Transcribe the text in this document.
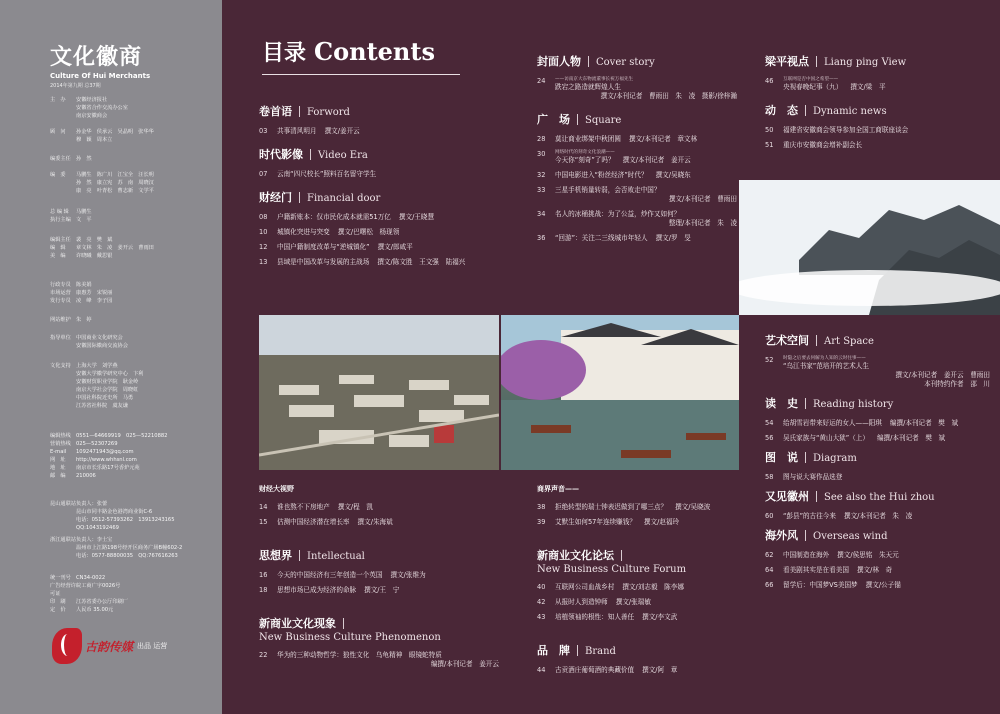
文化徽商
Culture Of Hui Merchants
2014年第九期 总37期
古韵传媒 出品 运营
主　办	安徽经济报社
安徽省合作交流办公室
南京安徽商会
顾　问	孙金华　侯承云　吴晶明　张华华
穆　颖　周本立
编委主任	孙　然
编　委	马鹏生　陈广川　江宝全　汪长明
孙　然　康立宪　苏　南　周晓汉
康　亮　叶青松　曹志新　文学平
总 编 辑	马鹏生
执行主编	文　平
编辑主任	裴　亮　樊　斌
编　辑	章文林　朱　凌　姜开云　曹雨田
美　编	许晓曦　戴思银
行政专员	陈美娟
市场运营	康惠芳　宋锐丽
发行专员	凌　峰　李子园
网站维护	朱　婷
指导单位	中国商业文化研究会
安徽国际徽商交流协会
文化支持	上海大学　刘学燕
安徽大学徽学研究中心　卞利
安徽财贸职业学院　耿金岭
南京大学社会学院　周晓虹
中国社科院近史所　马勇
江苏省社科院　虞友谦
编辑热线	0551—64669919　025—52210882
营销热线	025—52307269
E-mail	1092471943@qq.com
网　址	http://www.whhsnl.com
地　址	南京市长乐路17号香炉元苑
邮　编	210006
昆山通联站 负责人：张蕾
昆山市同丰路金色港湾商业街C-6
电话：0512-57393262　13913243165　QQ:1043192469
浙江通联站 负责人：李士宝
温州市上江路198号经开区商务广场B幢602-2
电话：0577-88800035　QQ:767616263
统一刊号	CN34-0022
广告经营许可证
皖工商广字0026号
印　刷	江苏省委办公厅印刷厂
定　价	人民币 35.00元
目录 Contents
卷首语 Forword
03	共事清风明月 撰文/姜开云
时代影像 Video Era
07	云南“四尺校长”照料百名留守学生
财经门 Financial door
08	户籍新账本：仅市民化成本就需51万亿 撰文/王晓慧
10	城镇化突进与突变 撰文/巴曙松　杨现领
12	中国户籍制度改革与“逆城镇化” 撰文/郎咸平
13	县域是中国改革与发展的主战场 撰文/陈文胜　王文强　陆福兴
财经大视野
14	谁也熬不下房地产 撰文/程　凯
15	估测中国经济潜在增长率 撰文/朱海斌
思想界 Intellectual
16	今天的中国经济有三年创造一个英国 撰文/张维为
18	思想市场已成为经济的命脉 撰文/王　宁
新商业文化现象
New Business Culture Phenomenon
22	华为的三种动物哲学：狼性文化　乌龟精神　眼镜蛇特质
编撰/本刊记者　姜开云
封面人物 Cover story
24	——访南京大东物流董事长祝万福先生
跌宕之路造就辉煌人生
撰文/本刊记者　曹雨田　朱　凌　摄影/徐梓瀚
广　场 Square
28	莫让商业绑架中秋团圆 撰文/本刊记者　章文林
30	网络时代的刻奇文化浪潮——
今天你“刻奇”了吗？ 撰文/本刊记者　姜开云
32	中国电影进入“粉丝经济”时代？ 撰文/吴晓东
33	三星手机销量转弱，会否败走中国？
撰文/本刊记者　曹雨田
34	名人的冰桶挑战：为了公益，炒作又如何？
整理/本刊记者　朱　凌
36	“回游”：关注二三线城市年轻人 撰文/罗　旻
商界声音——
38	拒绝转型的瑞士钟表迟做到了哪三点？ 撰文/吴晓波
39	艾默生如何57年连续赚钱？ 撰文/赵福玲
新商业文化论坛
New Business Culture Forum
40	互联网公司血战乡村 撰文/刘志毅　陈李娜
42	从报时人到造钟师 撰文/张瑞敏
43	培植领袖的根性：知人善任 撰文/李文武
品　牌 Brand
44	古贡酒庄葡萄酒的典藏价值 撰文/阿　章
梁平视点 Liang ping View
46	互联网是否中国之希望——
央视春晚纪事（九） 撰文/梁　平
动　态 Dynamic news
50	福建省安徽商会领导参加全国工商联座谈会
51	重庆市安徽商会增补副会长
艺术空间 Art Space
52	时隐之后要去何解为人知的云时往事——
“乌江书家”范培开的艺术人生
撰文/本刊记者　姜开云　曹雨田
本刊特约作者　邵　川
读　史 Reading history
54	给胡雪岩带来好运的女人——阳琪 编撰/本刊记者　樊　斌
56	吴氏家族与“黄山大狱”（上） 编撰/本刊记者　樊　斌
图　说 Diagram
58	图与说大赛作品选登
又见徽州 See also the Hui zhou
60	“彭县”的古往今来 撰文/本刊记者　朱　凌
海外风 Overseas wind
62	中国制造在海外 撰文/侯思铭　朱天元
64	看美剧其实是在看美国 撰文/林　奇
66	留学后：中国梦VS美国梦 撰文/公子锚
